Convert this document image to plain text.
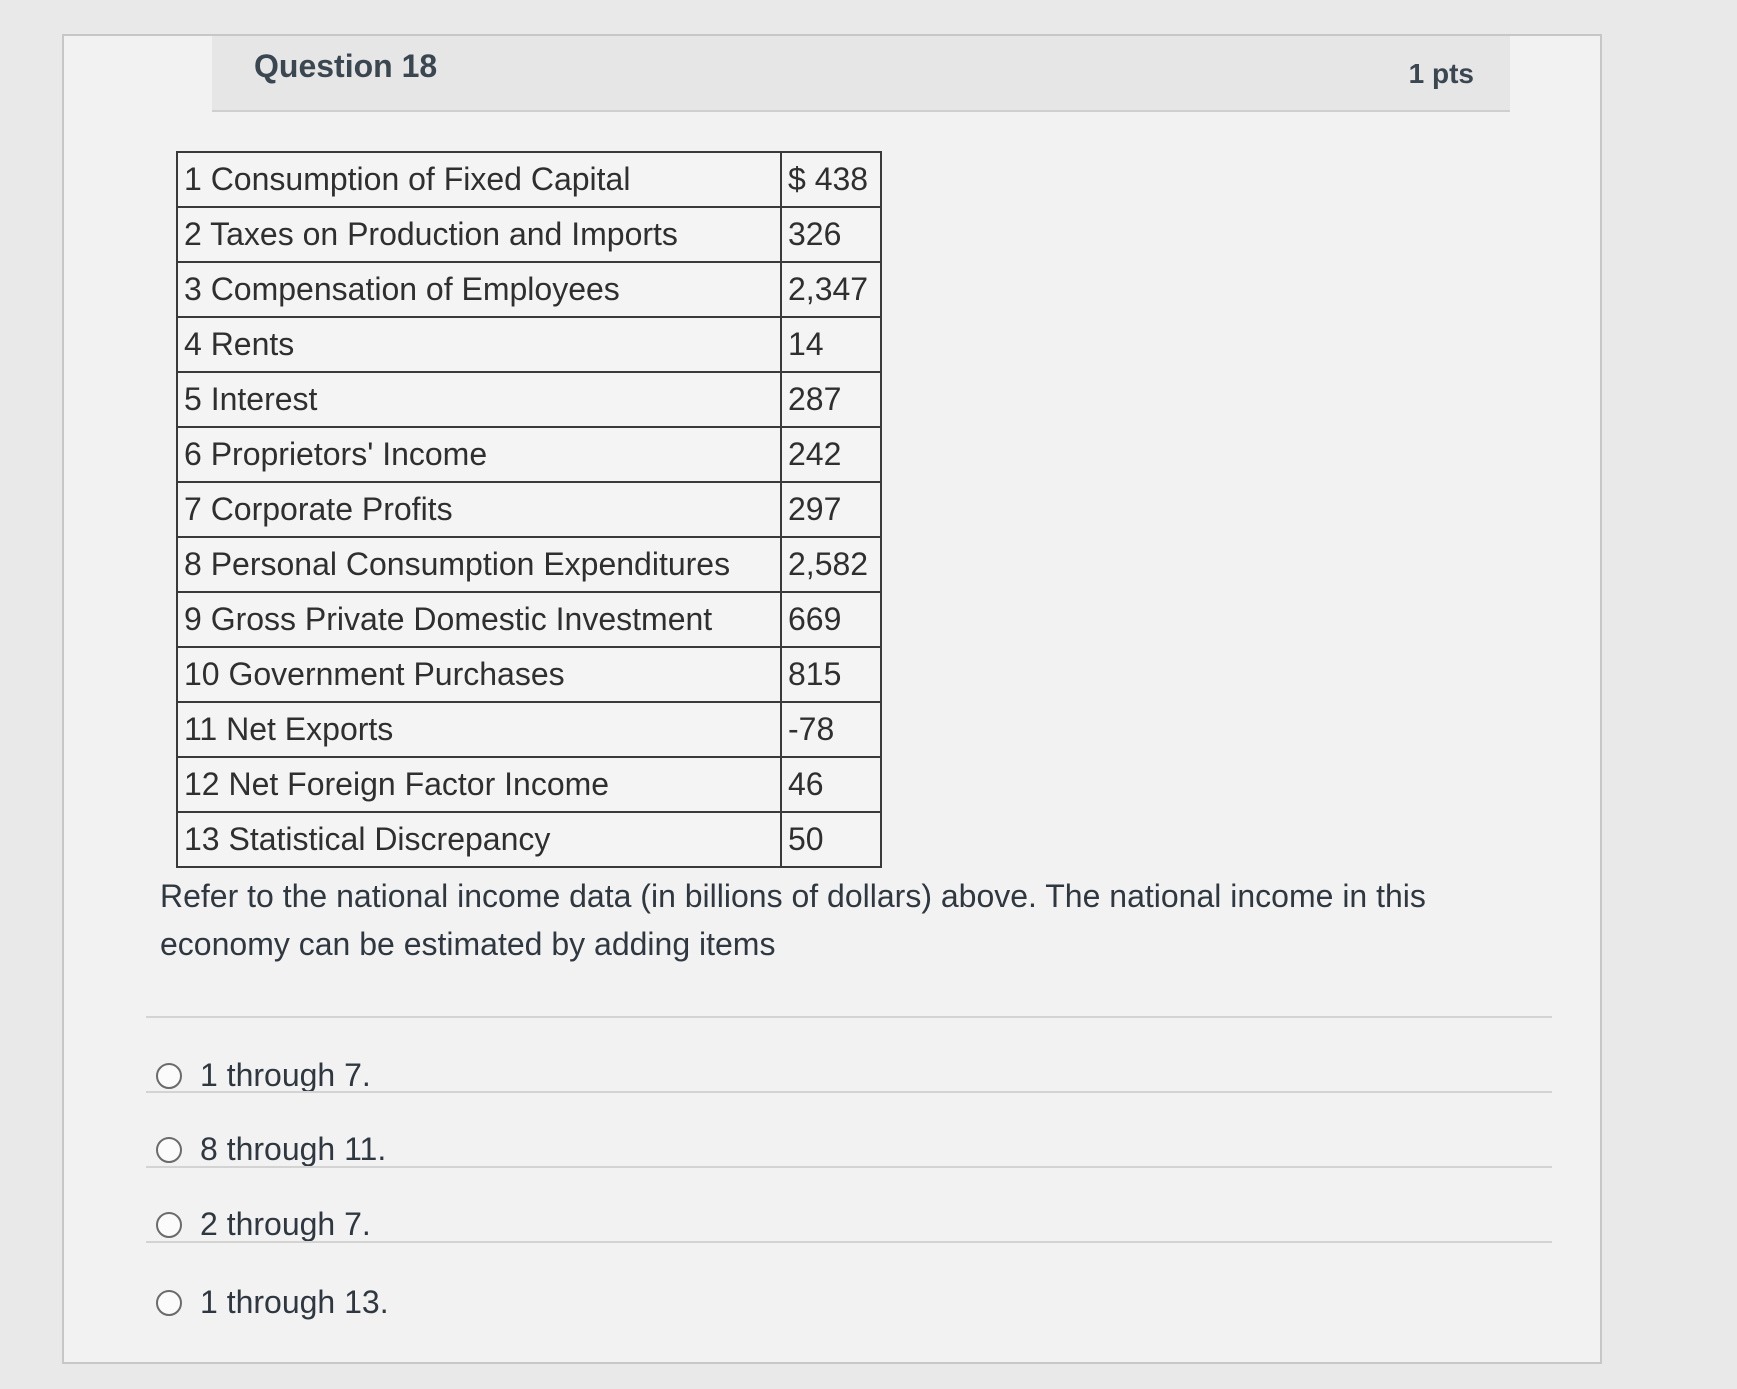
Question 18	1 pts
1 Consumption of Fixed Capital	$ 438
2 Taxes on Production and Imports	326
3 Compensation of Employees	2,347
4 Rents	14
5 Interest	287
6 Proprietors' Income	242
7 Corporate Profits	297
8 Personal Consumption Expenditures	2,582
9 Gross Private Domestic Investment	669
10 Government Purchases	815
11 Net Exports	-78
12 Net Foreign Factor Income	46
13 Statistical Discrepancy	50
Refer to the national income data (in billions of dollars) above. The national income in this economy can be estimated by adding items
1 through 7.
8 through 11.
2 through 7.
1 through 13.
